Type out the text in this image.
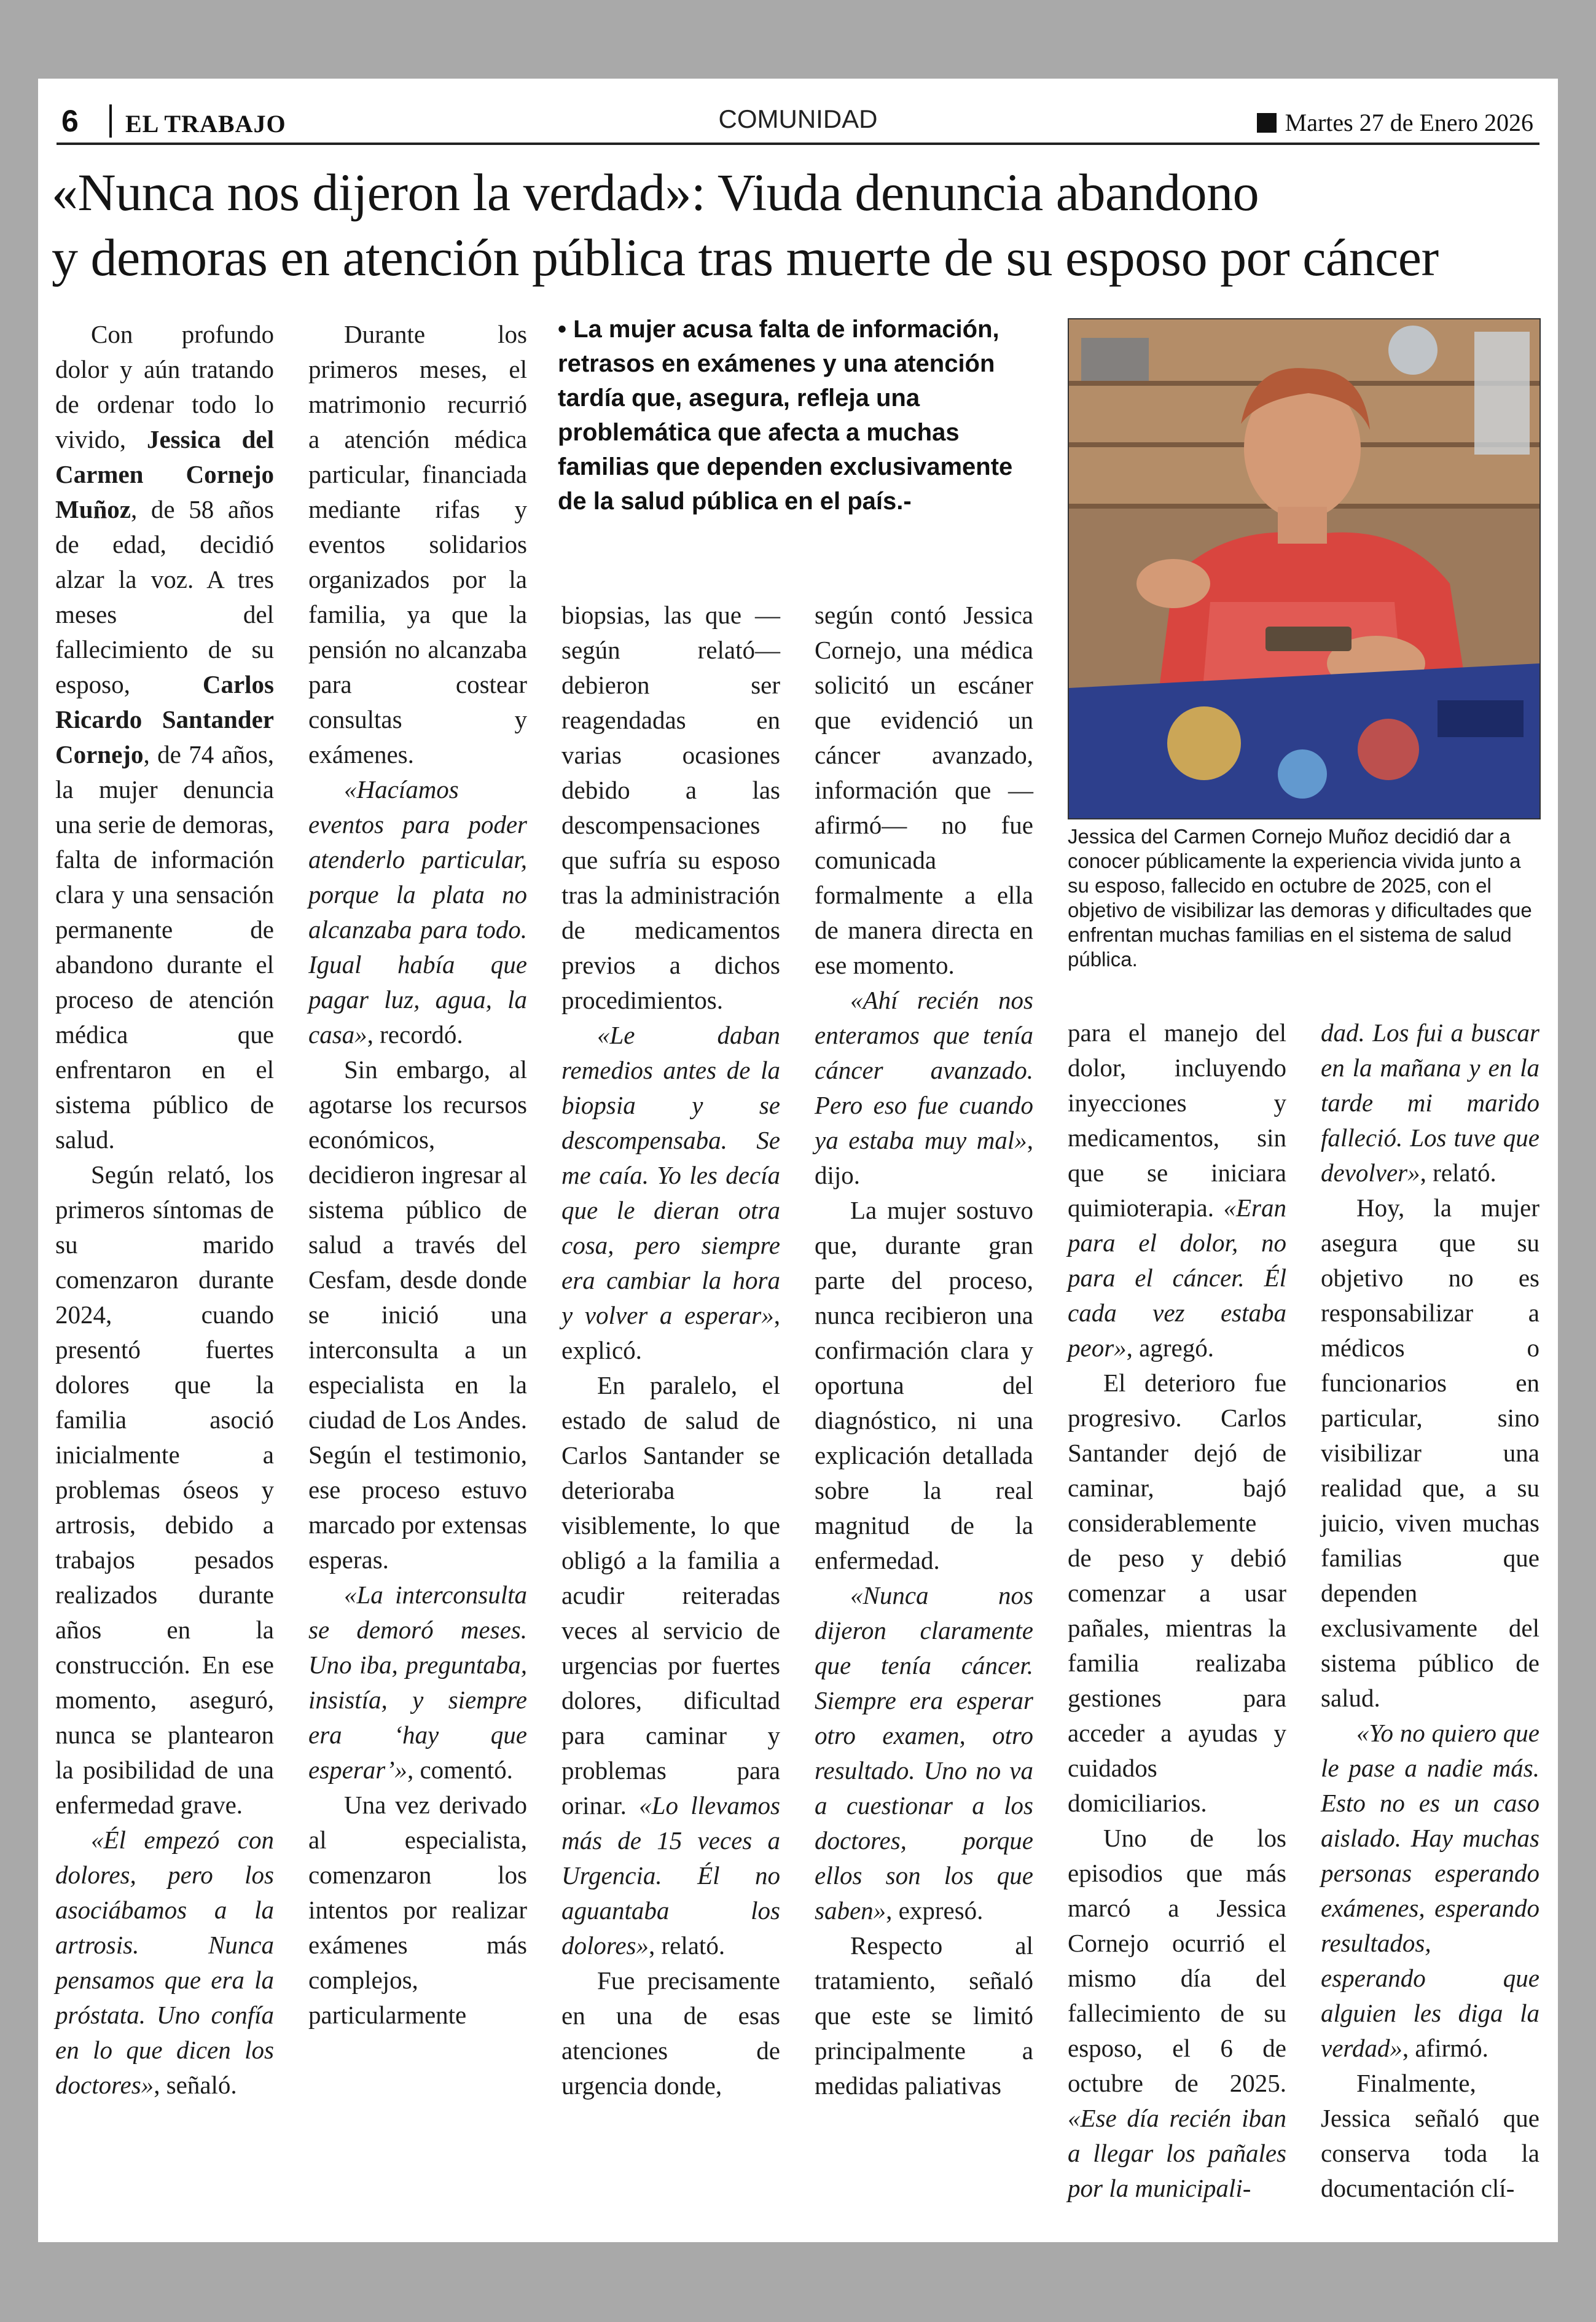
6 EL TRABAJO	COMUNIDAD	Martes 27 de Enero 2026
«Nunca nos dijeron la verdad»: Viuda denuncia abandono
y demoras en atención pública tras muerte de su esposo por cáncer
• La mujer acusa falta de información, retrasos en exámenes y una atención tardía que, asegura, refleja una problemática que afecta a muchas familias que dependen exclusivamente de la salud pública en el país.-

Con profundo dolor y aún tratando de ordenar todo lo vivido, Jessica del Carmen Cornejo Muñoz, de 58 años de edad, decidió alzar la voz. A tres meses del fallecimiento de su esposo, Carlos Ricardo Santander Cornejo, de 74 años, la mujer denuncia una serie de demoras, falta de información clara y una sensación permanente de abandono durante el proceso de atención médica que enfrentaron en el sistema público de salud.

Según relató, los primeros síntomas de su marido comenzaron durante 2024, cuando presentó fuertes dolores que la familia asoció inicialmente a problemas óseos y artrosis, debido a trabajos pesados realizados durante años en la construcción. En ese momento, aseguró, nunca se plantearon la posibilidad de una enfermedad grave.

«Él empezó con dolores, pero los asociábamos a la artrosis. Nunca pensamos que era la próstata. Uno confía en lo que dicen los doctores», señaló.

Durante los primeros meses, el matrimonio recurrió a atención médica particular, financiada mediante rifas y eventos solidarios organizados por la familia, ya que la pensión no alcanzaba para costear consultas y exámenes.

«Hacíamos eventos para poder atenderlo particular, porque la plata no alcanzaba para todo. Igual había que pagar luz, agua, la casa», recordó.

Sin embargo, al agotarse los recursos económicos, decidieron ingresar al sistema público de salud a través del Cesfam, desde donde se inició una interconsulta a un especialista en la ciudad de Los Andes. Según el testimonio, ese proceso estuvo marcado por extensas esperas.

«La interconsulta se demoró meses. Uno iba, preguntaba, insistía, y siempre era ‘hay que esperar’», comentó.

Una vez derivado al especialista, comenzaron los intentos por realizar exámenes más complejos, particularmente

biopsias, las que —según relató— debieron ser reagendadas en varias ocasiones debido a las descompensaciones que sufría su esposo tras la administración de medicamentos previos a dichos procedimientos.

«Le daban remedios antes de la biopsia y se descompensaba. Se me caía. Yo les decía que le dieran otra cosa, pero siempre era cambiar la hora y volver a esperar», explicó.

En paralelo, el estado de salud de Carlos Santander se deterioraba visiblemente, lo que obligó a la familia a acudir reiteradas veces al servicio de urgencias por fuertes dolores, dificultad para caminar y problemas para orinar. «Lo llevamos más de 15 veces a Urgencia. Él no aguantaba los dolores», relató.

Fue precisamente en una de esas atenciones de urgencia donde,

según contó Jessica Cornejo, una médica solicitó un escáner que evidenció un cáncer avanzado, información que —afirmó— no fue comunicada formalmente a ella de manera directa en ese momento.

«Ahí recién nos enteramos que tenía cáncer avanzado. Pero eso fue cuando ya estaba muy mal», dijo.

La mujer sostuvo que, durante gran parte del proceso, nunca recibieron una confirmación clara y oportuna del diagnóstico, ni una explicación detallada sobre la real magnitud de la enfermedad.

«Nunca nos dijeron claramente que tenía cáncer. Siempre era esperar otro examen, otro resultado. Uno no va a cuestionar a los doctores, porque ellos son los que saben», expresó.

Respecto al tratamiento, señaló que este se limitó principalmente a medidas paliativas

Jessica del Carmen Cornejo Muñoz decidió dar a conocer públicamente la experiencia vivida junto a su esposo, fallecido en octubre de 2025, con el objetivo de visibilizar las demoras y dificultades que enfrentan muchas familias en el sistema de salud pública.

para el manejo del dolor, incluyendo inyecciones y medicamentos, sin que se iniciara quimioterapia. «Eran para el dolor, no para el cáncer. Él cada vez estaba peor», agregó.

El deterioro fue progresivo. Carlos Santander dejó de caminar, bajó considerablemente de peso y debió comenzar a usar pañales, mientras la familia realizaba gestiones para acceder a ayudas y cuidados domiciliarios.

Uno de los episodios que más marcó a Jessica Cornejo ocurrió el mismo día del fallecimiento de su esposo, el 6 de octubre de 2025. «Ese día recién iban a llegar los pañales por la municipali-

dad. Los fui a buscar en la mañana y en la tarde mi marido falleció. Los tuve que devolver», relató.

Hoy, la mujer asegura que su objetivo no es responsabilizar a médicos o funcionarios en particular, sino visibilizar una realidad que, a su juicio, viven muchas familias que dependen exclusivamente del sistema público de salud.

«Yo no quiero que le pase a nadie más. Esto no es un caso aislado. Hay muchas personas esperando exámenes, esperando resultados, esperando que alguien les diga la verdad», afirmó.

Finalmente, Jessica señaló que conserva toda la documentación clí-
